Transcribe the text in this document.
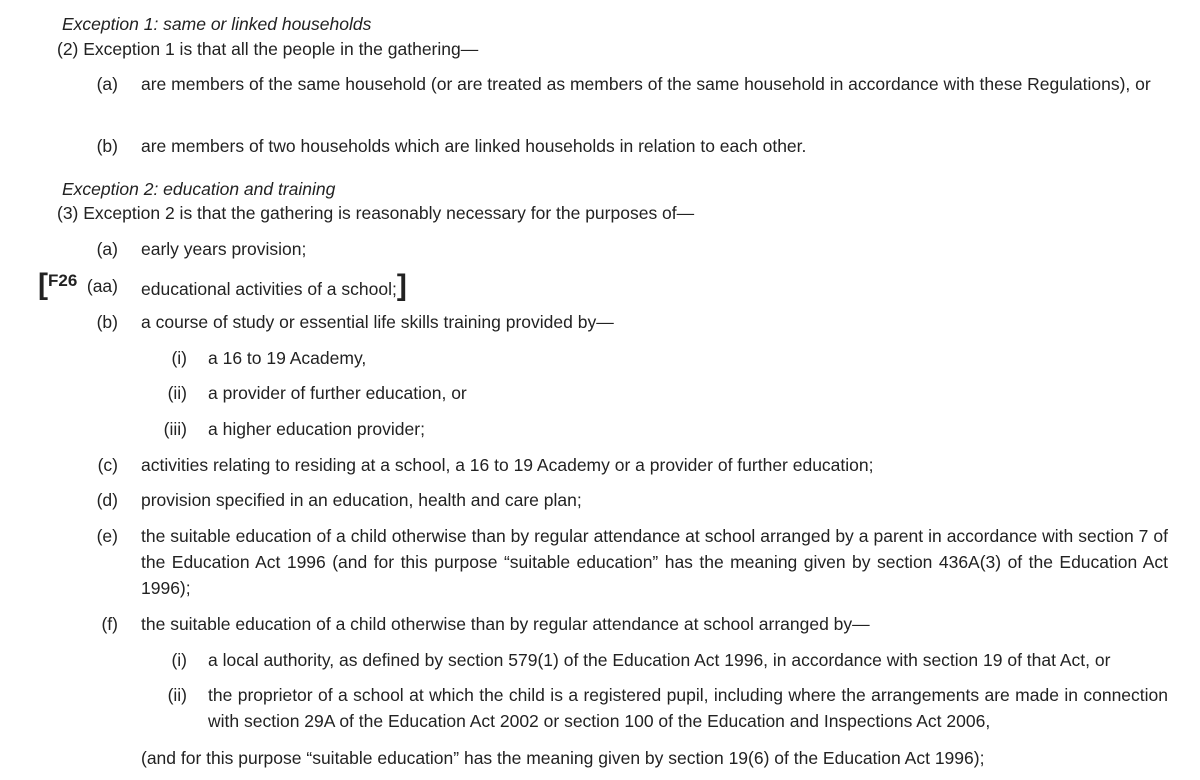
Exception 1: same or linked households
(2) Exception 1 is that all the people in the gathering—
(a) are members of the same household (or are treated as members of the same household in accordance with these Regulations), or
(b) are members of two households which are linked households in relation to each other.
Exception 2: education and training
(3) Exception 2 is that the gathering is reasonably necessary for the purposes of—
(a) early years provision;
[F26 (aa) educational activities of a school;]
(b) a course of study or essential life skills training provided by—
(i) a 16 to 19 Academy,
(ii) a provider of further education, or
(iii) a higher education provider;
(c) activities relating to residing at a school, a 16 to 19 Academy or a provider of further education;
(d) provision specified in an education, health and care plan;
(e) the suitable education of a child otherwise than by regular attendance at school arranged by a parent in accordance with section 7 of the Education Act 1996 (and for this purpose “suitable education” has the meaning given by section 436A(3) of the Education Act 1996);
(f) the suitable education of a child otherwise than by regular attendance at school arranged by—
(i) a local authority, as defined by section 579(1) of the Education Act 1996, in accordance with section 19 of that Act, or
(ii) the proprietor of a school at which the child is a registered pupil, including where the arrangements are made in connection with section 29A of the Education Act 2002 or section 100 of the Education and Inspections Act 2006,
(and for this purpose “suitable education” has the meaning given by section 19(6) of the Education Act 1996);
